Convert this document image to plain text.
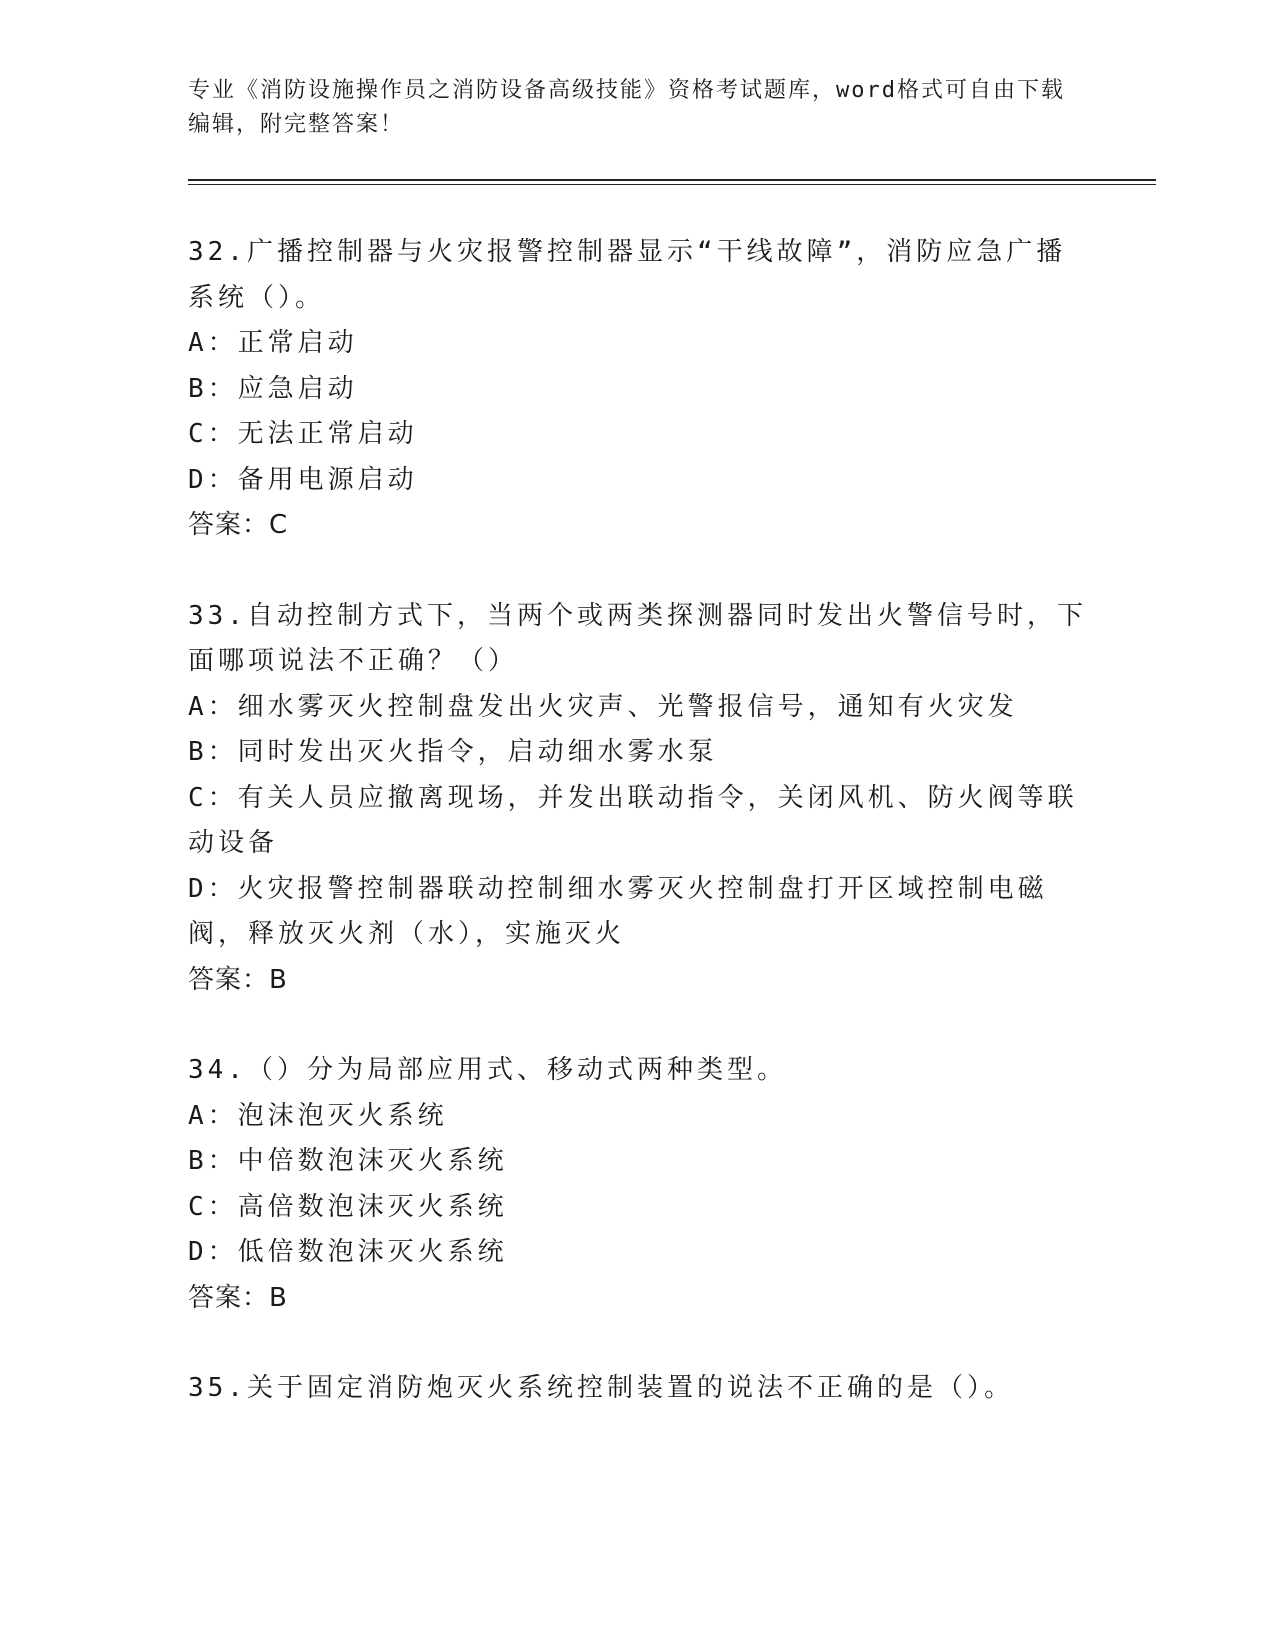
专业《消防设施操作员之消防设备高级技能》资格考试题库，word格式可自由下载编辑，附完整答案！
32.广播控制器与火灾报警控制器显示“干线故障”，消防应急广播系统（）。
A：正常启动
B：应急启动
C：无法正常启动
D：备用电源启动
答案：C
33.自动控制方式下，当两个或两类探测器同时发出火警信号时，下面哪项说法不正确？（）
A：细水雾灭火控制盘发出火灾声、光警报信号，通知有火灾发
B：同时发出灭火指令，启动细水雾水泵
C：有关人员应撤离现场，并发出联动指令，关闭风机、防火阀等联动设备
D：火灾报警控制器联动控制细水雾灭火控制盘打开区域控制电磁阀，释放灭火剂（水），实施灭火
答案：B
34.（）分为局部应用式、移动式两种类型。
A：泡沫泡灭火系统
B：中倍数泡沫灭火系统
C：高倍数泡沫灭火系统
D：低倍数泡沫灭火系统
答案：B
35.关于固定消防炮灭火系统控制装置的说法不正确的是（）。
